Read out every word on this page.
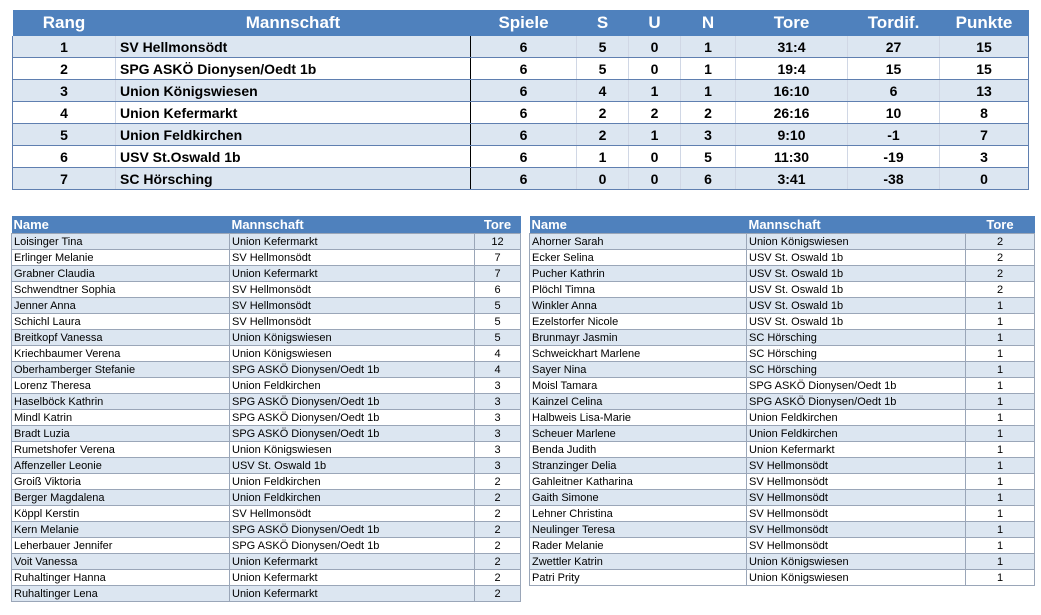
Rang	Mannschaft	Spiele	S	U	N	Tore	Tordif.	Punkte
1	SV Hellmonsödt	6	5	0	1	31:4	27	15
2	SPG ASKÖ Dionysen/Oedt 1b	6	5	0	1	19:4	15	15
3	Union Königswiesen	6	4	1	1	16:10	6	13
4	Union Kefermarkt	6	2	2	2	26:16	10	8
5	Union Feldkirchen	6	2	1	3	9:10	-1	7
6	USV St.Oswald 1b	6	1	0	5	11:30	-19	3
7	SC Hörsching	6	0	0	6	3:41	-38	0
Name	Mannschaft	Tore
Loisinger Tina	Union Kefermarkt	12
Erlinger Melanie	SV Hellmonsödt	7
Grabner Claudia	Union Kefermarkt	7
Schwendtner Sophia	SV Hellmonsödt	6
Jenner Anna	SV Hellmonsödt	5
Schichl Laura	SV Hellmonsödt	5
Breitkopf Vanessa	Union Königswiesen	5
Kriechbaumer Verena	Union Königswiesen	4
Oberhamberger Stefanie	SPG ASKÖ Dionysen/Oedt 1b	4
Lorenz Theresa	Union Feldkirchen	3
Haselböck Kathrin	SPG ASKÖ Dionysen/Oedt 1b	3
Mindl Katrin	SPG ASKÖ Dionysen/Oedt 1b	3
Bradt Luzia	SPG ASKÖ Dionysen/Oedt 1b	3
Rumetshofer Verena	Union Königswiesen	3
Affenzeller Leonie	USV St. Oswald 1b	3
Groiß Viktoria	Union Feldkirchen	2
Berger Magdalena	Union Feldkirchen	2
Köppl Kerstin	SV Hellmonsödt	2
Kern Melanie	SPG ASKÖ Dionysen/Oedt 1b	2
Leherbauer Jennifer	SPG ASKÖ Dionysen/Oedt 1b	2
Voit Vanessa	Union Kefermarkt	2
Ruhaltinger Hanna	Union Kefermarkt	2
Ruhaltinger Lena	Union Kefermarkt	2
Name	Mannschaft	Tore
Ahorner Sarah	Union Königswiesen	2
Ecker Selina	USV St. Oswald 1b	2
Pucher Kathrin	USV St. Oswald 1b	2
Plöchl Timna	USV St. Oswald 1b	2
Winkler Anna	USV St. Oswald 1b	1
Ezelstorfer Nicole	USV St. Oswald 1b	1
Brunmayr Jasmin	SC Hörsching	1
Schweickhart Marlene	SC Hörsching	1
Sayer Nina	SC Hörsching	1
Moisl Tamara	SPG ASKÖ Dionysen/Oedt 1b	1
Kainzel Celina	SPG ASKÖ Dionysen/Oedt 1b	1
Halbweis Lisa-Marie	Union Feldkirchen	1
Scheuer Marlene	Union Feldkirchen	1
Benda Judith	Union Kefermarkt	1
Stranzinger Delia	SV Hellmonsödt	1
Gahleitner Katharina	SV Hellmonsödt	1
Gaith Simone	SV Hellmonsödt	1
Lehner Christina	SV Hellmonsödt	1
Neulinger Teresa	SV Hellmonsödt	1
Rader Melanie	SV Hellmonsödt	1
Zwettler Katrin	Union Königswiesen	1
Patri Prity	Union Königswiesen	1
